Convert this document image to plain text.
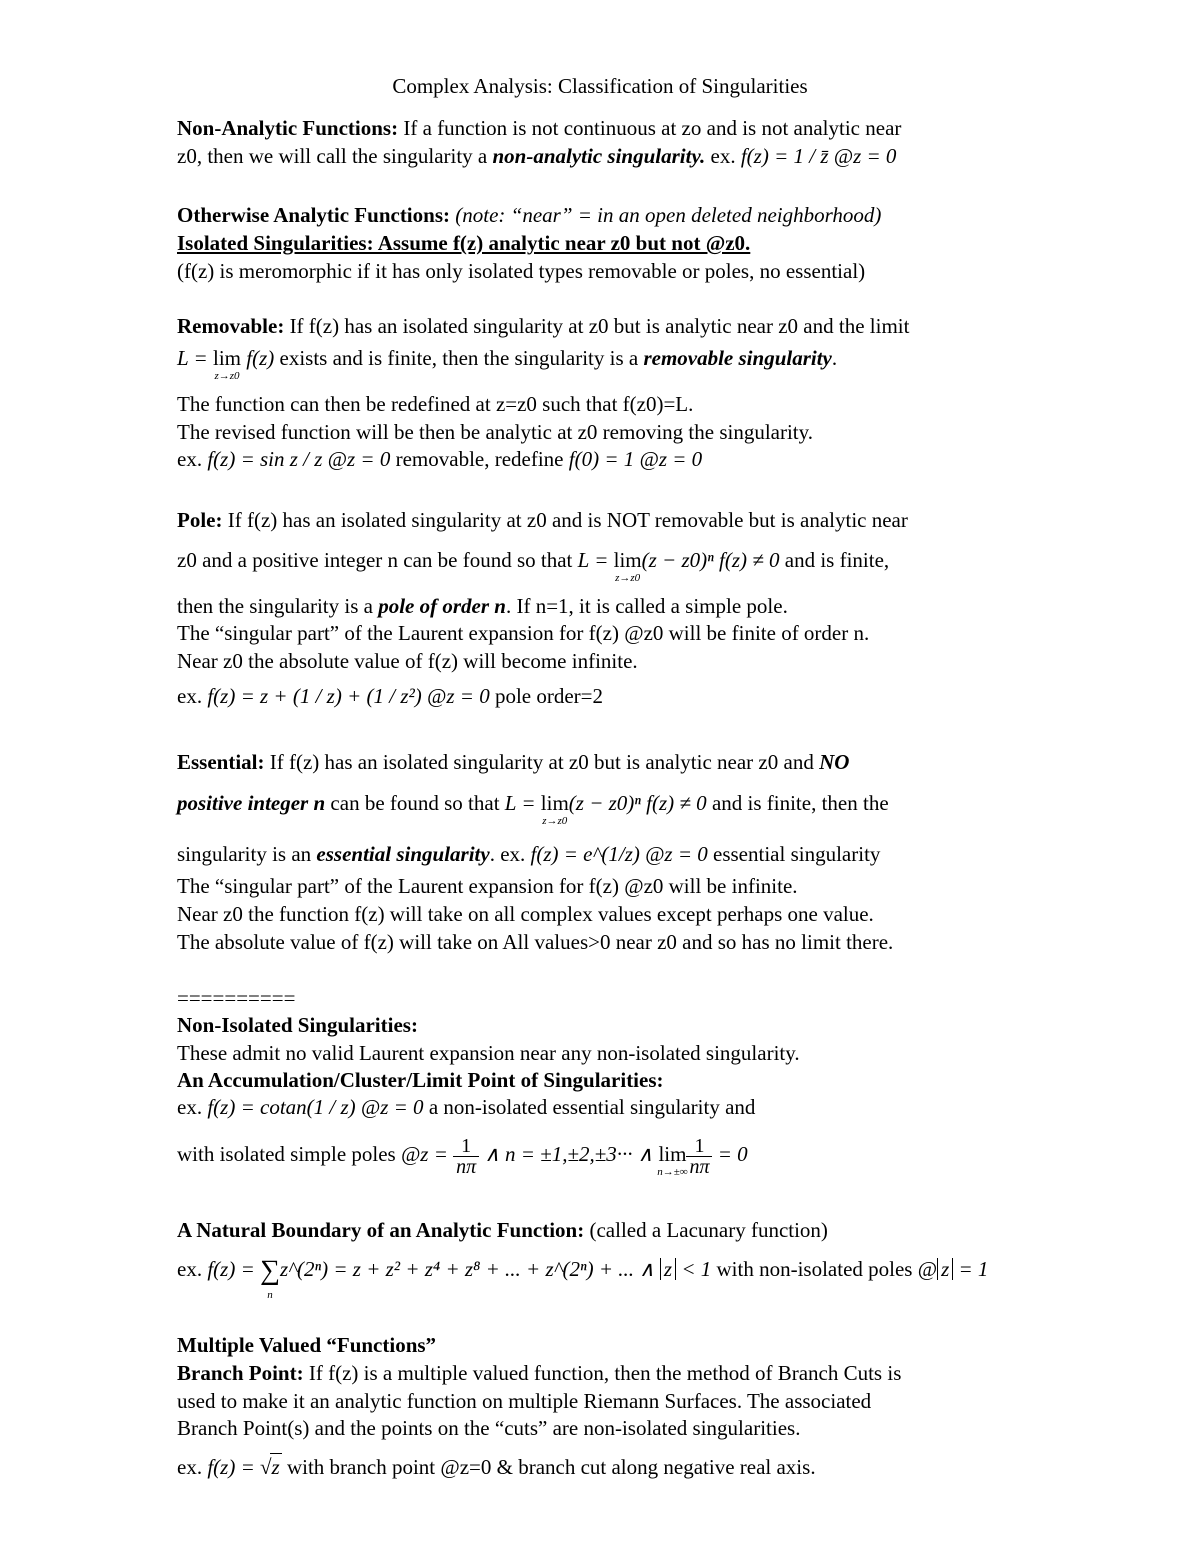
Complex Analysis: Classification of Singularities
Non-Analytic Functions: If a function is not continuous at zo and is not analytic near
z0, then we will call the singularity a non-analytic singularity. ex. f(z) = 1 / z̄ @z = 0
Otherwise Analytic Functions: (note: “near” = in an open deleted neighborhood)
Isolated Singularities: Assume f(z) analytic near z0 but not @z0.
(f(z) is meromorphic if it has only isolated types removable or poles, no essential)
Removable: If f(z) has an isolated singularity at z0 but is analytic near z0 and the limit
L = lim
z→z0
f(z) exists and is finite, then the singularity is a removable singularity.
The function can then be redefined at z=z0 such that f(z0)=L.
The revised function will be then be analytic at z0 removing the singularity.
ex. f(z) = sin z / z @z = 0 removable, redefine f(0) = 1 @z = 0
Pole: If f(z) has an isolated singularity at z0 and is NOT removable but is analytic near
z0 and a positive integer n can be found so that L = lim
z→z0
(z − z0)ⁿ f(z) ≠ 0 and is finite,
then the singularity is a pole of order n. If n=1, it is called a simple pole.
The “singular part” of the Laurent expansion for f(z) @z0 will be finite of order n.
Near z0 the absolute value of f(z) will become infinite.
ex. f(z) = z + (1 / z) + (1 / z²) @z = 0 pole order=2
Essential: If f(z) has an isolated singularity at z0 but is analytic near z0 and NO
positive integer n can be found so that L = lim
z→z0
(z − z0)ⁿ f(z) ≠ 0 and is finite, then the
singularity is an essential singularity. ex. f(z) = e^(1/z) @z = 0 essential singularity
The “singular part” of the Laurent expansion for f(z) @z0 will be infinite.
Near z0 the function f(z) will take on all complex values except perhaps one value.
The absolute value of f(z) will take on All values>0 near z0 and so has no limit there.
==========
Non-Isolated Singularities:
These admit no valid Laurent expansion near any non-isolated singularity.
An Accumulation/Cluster/Limit Point of Singularities:
ex. f(z) = cotan(1 / z) @z = 0 a non-isolated essential singularity and
with isolated simple poles @z = $\frac{1}{n\pi}$ ∧ n = ±1,±2,±3··· ∧ lim
n→±∞
$\frac{1}{n\pi} = 0$
A Natural Boundary of an Analytic Function: (called a Lacunary function)
ex. f(z) = ∑
n
z^(2ⁿ) = z + z² + z⁴ + z⁸ + ... + z^(2ⁿ) + ... ∧ z < 1 with non-isolated poles @ z = 1
Multiple Valued “Functions”
Branch Point: If f(z) is a multiple valued function, then the method of Branch Cuts is
used to make it an analytic function on multiple Riemann Surfaces. The associated
Branch Point(s) and the points on the “cuts” are non-isolated singularities.
ex. f(z) = √z with branch point @z=0 & branch cut along negative real axis.
